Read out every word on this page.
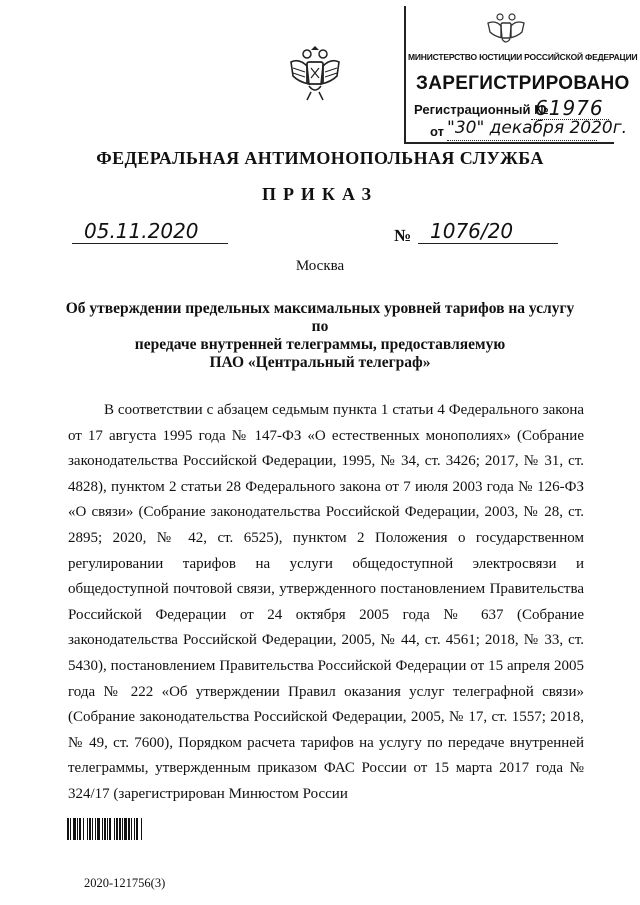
МИНИСТЕРСТВО ЮСТИЦИИ РОССИЙСКОЙ ФЕДЕРАЦИИ
ЗАРЕГИСТРИРОВАНО
Регистрационный №
61976
от "30" декабря 2020г.
ФЕДЕРАЛЬНАЯ АНТИМОНОПОЛЬНАЯ СЛУЖБА
ПРИКАЗ
05.11.2020	№ 1076/20
Москва
Об утверждении предельных максимальных уровней тарифов на услугу по
передаче внутренней телеграммы, предоставляемую
ПАО «Центральный телеграф»
В соответствии с абзацем седьмым пункта 1 статьи 4 Федерального закона от 17 августа 1995 года № 147-ФЗ «О естественных монополиях» (Собрание законодательства Российской Федерации, 1995, № 34, ст. 3426; 2017, № 31, ст. 4828), пунктом 2 статьи 28 Федерального закона от 7 июля 2003 года № 126-ФЗ «О связи» (Собрание законодательства Российской Федерации, 2003, № 28, ст. 2895; 2020, № 42, ст. 6525), пунктом 2 Положения о государственном регулировании тарифов на услуги общедоступной электросвязи и общедоступной почтовой связи, утвержденного постановлением Правительства Российской Федерации от 24 октября 2005 года № 637 (Собрание законодательства Российской Федерации, 2005, № 44, ст. 4561; 2018, № 33, ст. 5430), постановлением Правительства Российской Федерации от 15 апреля 2005 года № 222 «Об утверждении Правил оказания услуг телеграфной связи» (Собрание законодательства Российской Федерации, 2005, № 17, ст. 1557; 2018, № 49, ст. 7600), Порядком расчета тарифов на услугу по передаче внутренней телеграммы, утвержденным приказом ФАС России от 15 марта 2017 года № 324/17 (зарегистрирован Минюстом России
2020-121756(3)
